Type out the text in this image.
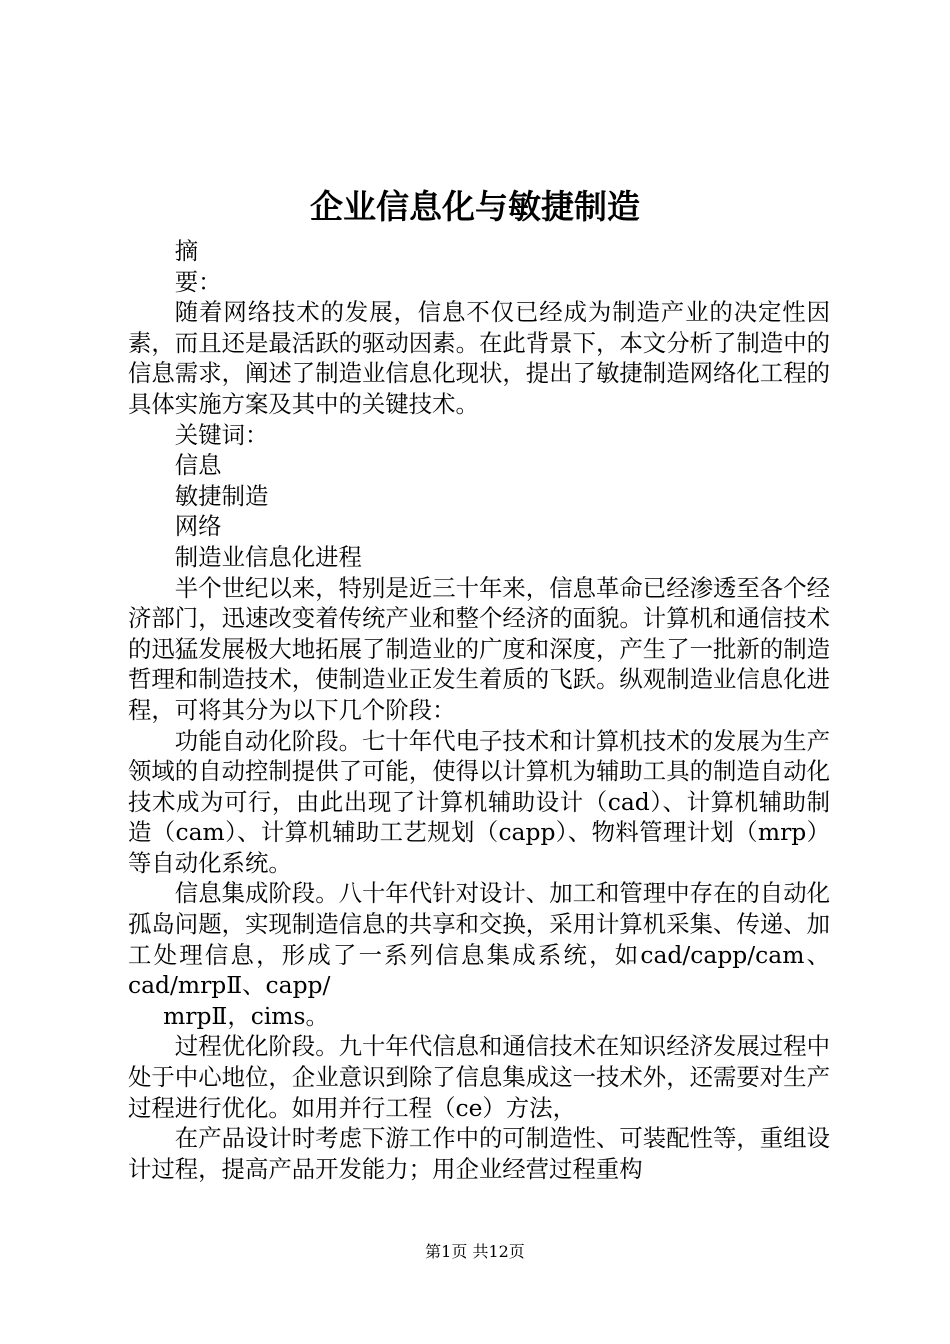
企业信息化与敏捷制造

摘

要：

随着网络技术的发展，信息不仅已经成为制造产业的决定性因素，而且还是最活跃的驱动因素。在此背景下，本文分析了制造中的信息需求，阐述了制造业信息化现状，提出了敏捷制造网络化工程的具体实施方案及其中的关键技术。

关键词：

信息

敏捷制造

网络

制造业信息化进程

半个世纪以来，特别是近三十年来，信息革命已经渗透至各个经济部门，迅速改变着传统产业和整个经济的面貌。计算机和通信技术的迅猛发展极大地拓展了制造业的广度和深度，产生了一批新的制造哲理和制造技术，使制造业正发生着质的飞跃。纵观制造业信息化进程，可将其分为以下几个阶段：

功能自动化阶段。七十年代电子技术和计算机技术的发展为生产领域的自动控制提供了可能，使得以计算机为辅助工具的制造自动化技术成为可行，由此出现了计算机辅助设计（cad）、计算机辅助制造（cam）、计算机辅助工艺规划（capp）、物料管理计划（mrp）等自动化系统。

信息集成阶段。八十年代针对设计、加工和管理中存在的自动化孤岛问题，实现制造信息的共享和交换，采用计算机采集、传递、加工处理信息，形成了一系列信息集成系统，如cad/capp/cam、cad/mrpⅡ、capp/

mrpⅡ，cims。

过程优化阶段。九十年代信息和通信技术在知识经济发展过程中处于中心地位，企业意识到除了信息集成这一技术外，还需要对生产过程进行优化。如用并行工程（ce）方法，

在产品设计时考虑下游工作中的可制造性、可装配性等，重组设计过程，提高产品开发能力；用企业经营过程重构

第1页 共12页
